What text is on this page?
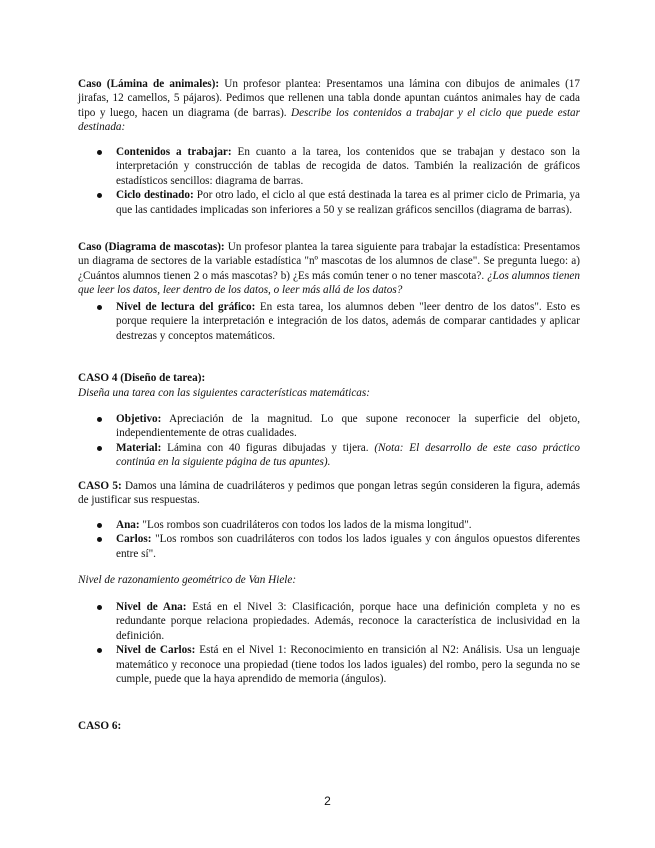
Caso (Lámina de animales): Un profesor plantea: Presentamos una lámina con dibujos de animales (17 jirafas, 12 camellos, 5 pájaros). Pedimos que rellenen una tabla donde apuntan cuántos animales hay de cada tipo y luego, hacen un diagrama (de barras). Describe los contenidos a trabajar y el ciclo que puede estar destinada:

Contenidos a trabajar: En cuanto a la tarea, los contenidos que se trabajan y destaco son la interpretación y construcción de tablas de recogida de datos. También la realización de gráficos estadísticos sencillos: diagrama de barras.
Ciclo destinado: Por otro lado, el ciclo al que está destinada la tarea es al primer ciclo de Primaria, ya que las cantidades implicadas son inferiores a 50 y se realizan gráficos sencillos (diagrama de barras).

Caso (Diagrama de mascotas): Un profesor plantea la tarea siguiente para trabajar la estadística: Presentamos un diagrama de sectores de la variable estadística "nº mascotas de los alumnos de clase". Se pregunta luego: a) ¿Cuántos alumnos tienen 2 o más mascotas? b) ¿Es más común tener o no tener mascota?. ¿Los alumnos tienen que leer los datos, leer dentro de los datos, o leer más allá de los datos?

Nivel de lectura del gráfico: En esta tarea, los alumnos deben "leer dentro de los datos". Esto es porque requiere la interpretación e integración de los datos, además de comparar cantidades y aplicar destrezas y conceptos matemáticos.

CASO 4 (Diseño de tarea):

Diseña una tarea con las siguientes características matemáticas:

Objetivo: Apreciación de la magnitud. Lo que supone reconocer la superficie del objeto, independientemente de otras cualidades.
Material: Lámina con 40 figuras dibujadas y tijera. (Nota: El desarrollo de este caso práctico continúa en la siguiente página de tus apuntes).

CASO 5: Damos una lámina de cuadriláteros y pedimos que pongan letras según consideren la figura, además de justificar sus respuestas.

Ana: "Los rombos son cuadriláteros con todos los lados de la misma longitud".
Carlos: "Los rombos son cuadriláteros con todos los lados iguales y con ángulos opuestos diferentes entre sí".

Nivel de razonamiento geométrico de Van Hiele:

Nivel de Ana: Está en el Nivel 3: Clasificación, porque hace una definición completa y no es redundante porque relaciona propiedades. Además, reconoce la característica de inclusividad en la definición.
Nivel de Carlos: Está en el Nivel 1: Reconocimiento en transición al N2: Análisis. Usa un lenguaje matemático y reconoce una propiedad (tiene todos los lados iguales) del rombo, pero la segunda no se cumple, puede que la haya aprendido de memoria (ángulos).

CASO 6:

2
